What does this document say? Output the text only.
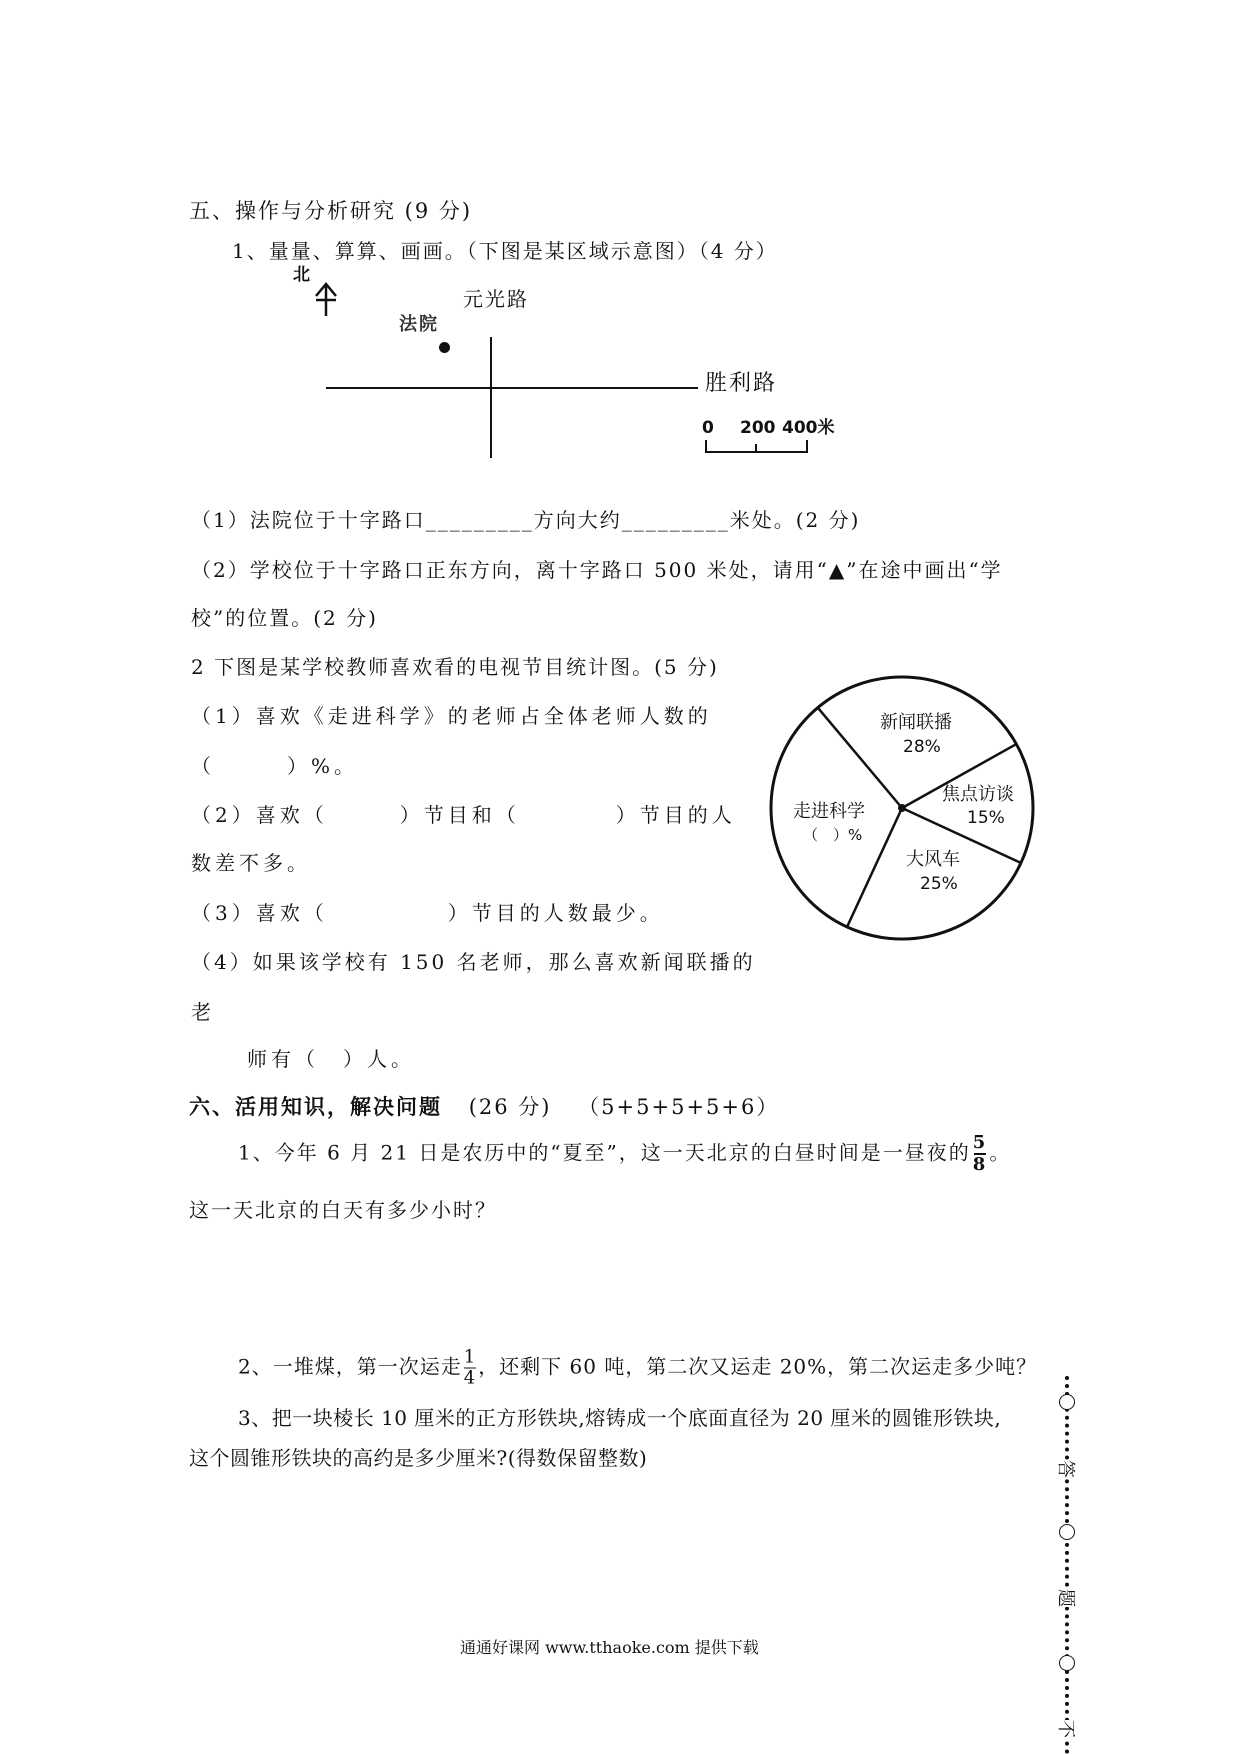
五、操作与分析研究 (9 分)
1、量量、算算、画画。（下图是某区域示意图）（4 分）
北
元光路
法院
胜利路
0 200 400米
（1）法院位于十字路口_________方向大约_________米处。(2 分)
（2）学校位于十字路口正东方向，离十字路口 500 米处，请用“▲”在途中画出“学
校”的位置。(2 分)
2 下图是某学校教师喜欢看的电视节目统计图。(5 分)
（1）喜欢《走进科学》的老师占全体老师人数的
（　　　）%。
（2）喜欢（　　　）节目和（　　　　）节目的人
数差不多。
（3）喜欢（　　　　　）节目的人数最少。
（4）如果该学校有 150 名老师，那么喜欢新闻联播的
老
师有（　）人。
新闻联播
28%
焦点访谈
15%
大风车
25%
走进科学
（　）%
六、活用知识，解决问题 (26 分) （5+5+5+5+6）
1、今年 6 月 21 日是农历中的“夏至”，这一天北京的白昼时间是一昼夜的 $\frac{5}{8}$ 。
这一天北京的白天有多少小时？
2、一堆煤，第一次运走 $\frac{1}{4}$ ，还剩下 60 吨，第二次又运走 20%，第二次运走多少吨？
3、把一块棱长 10 厘米的正方形铁块,熔铸成一个底面直径为 20 厘米的圆锥形铁块,
这个圆锥形铁块的高约是多少厘米?(得数保留整数)
通通好课网 www.tthaoke.com 提供下载
答
题
不
